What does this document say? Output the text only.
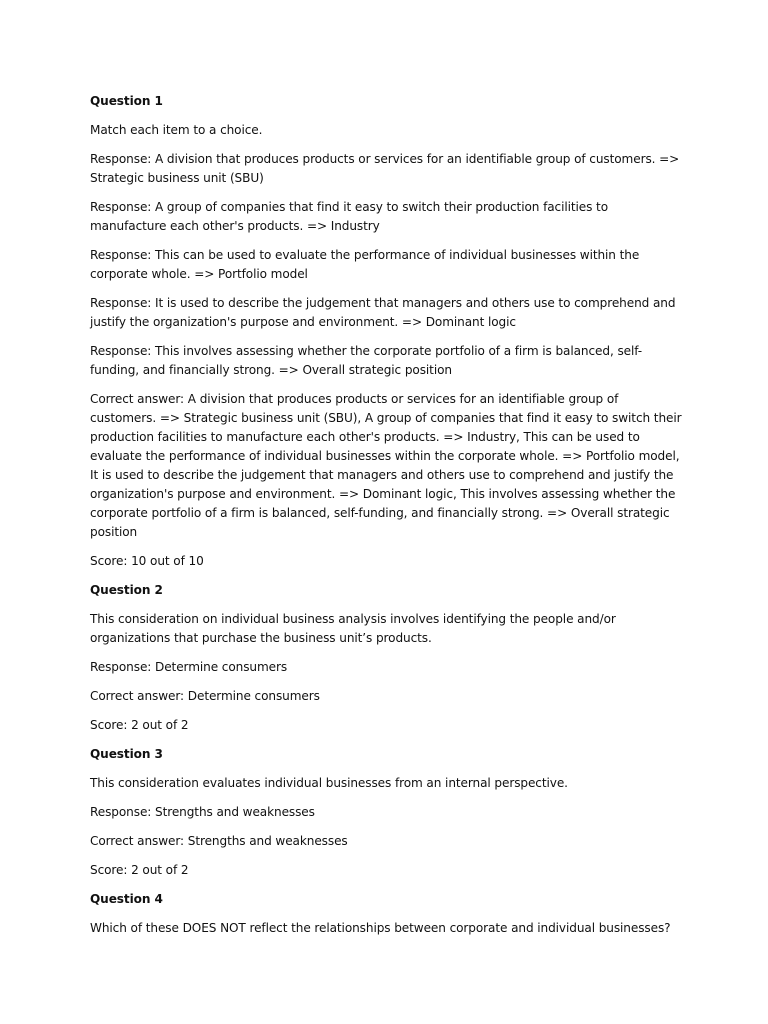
Question 1
Match each item to a choice.
Response: A division that produces products or services for an identifiable group of customers. => Strategic business unit (SBU)
Response: A group of companies that find it easy to switch their production facilities to manufacture each other's products. => Industry
Response: This can be used to evaluate the performance of individual businesses within the corporate whole. => Portfolio model
Response: It is used to describe the judgement that managers and others use to comprehend and justify the organization's purpose and environment. => Dominant logic
Response: This involves assessing whether the corporate portfolio of a firm is balanced, self-funding, and financially strong. => Overall strategic position
Correct answer: A division that produces products or services for an identifiable group of customers. => Strategic business unit (SBU), A group of companies that find it easy to switch their production facilities to manufacture each other's products. => Industry, This can be used to evaluate the performance of individual businesses within the corporate whole. => Portfolio model, It is used to describe the judgement that managers and others use to comprehend and justify the organization's purpose and environment. => Dominant logic, This involves assessing whether the corporate portfolio of a firm is balanced, self-funding, and financially strong. => Overall strategic position
Score: 10 out of 10
Question 2
This consideration on individual business analysis involves identifying the people and/or organizations that purchase the business unit’s products.
Response: Determine consumers
Correct answer: Determine consumers
Score: 2 out of 2
Question 3
This consideration evaluates individual businesses from an internal perspective.
Response: Strengths and weaknesses
Correct answer: Strengths and weaknesses
Score: 2 out of 2
Question 4
Which of these DOES NOT reflect the relationships between corporate and individual businesses?
